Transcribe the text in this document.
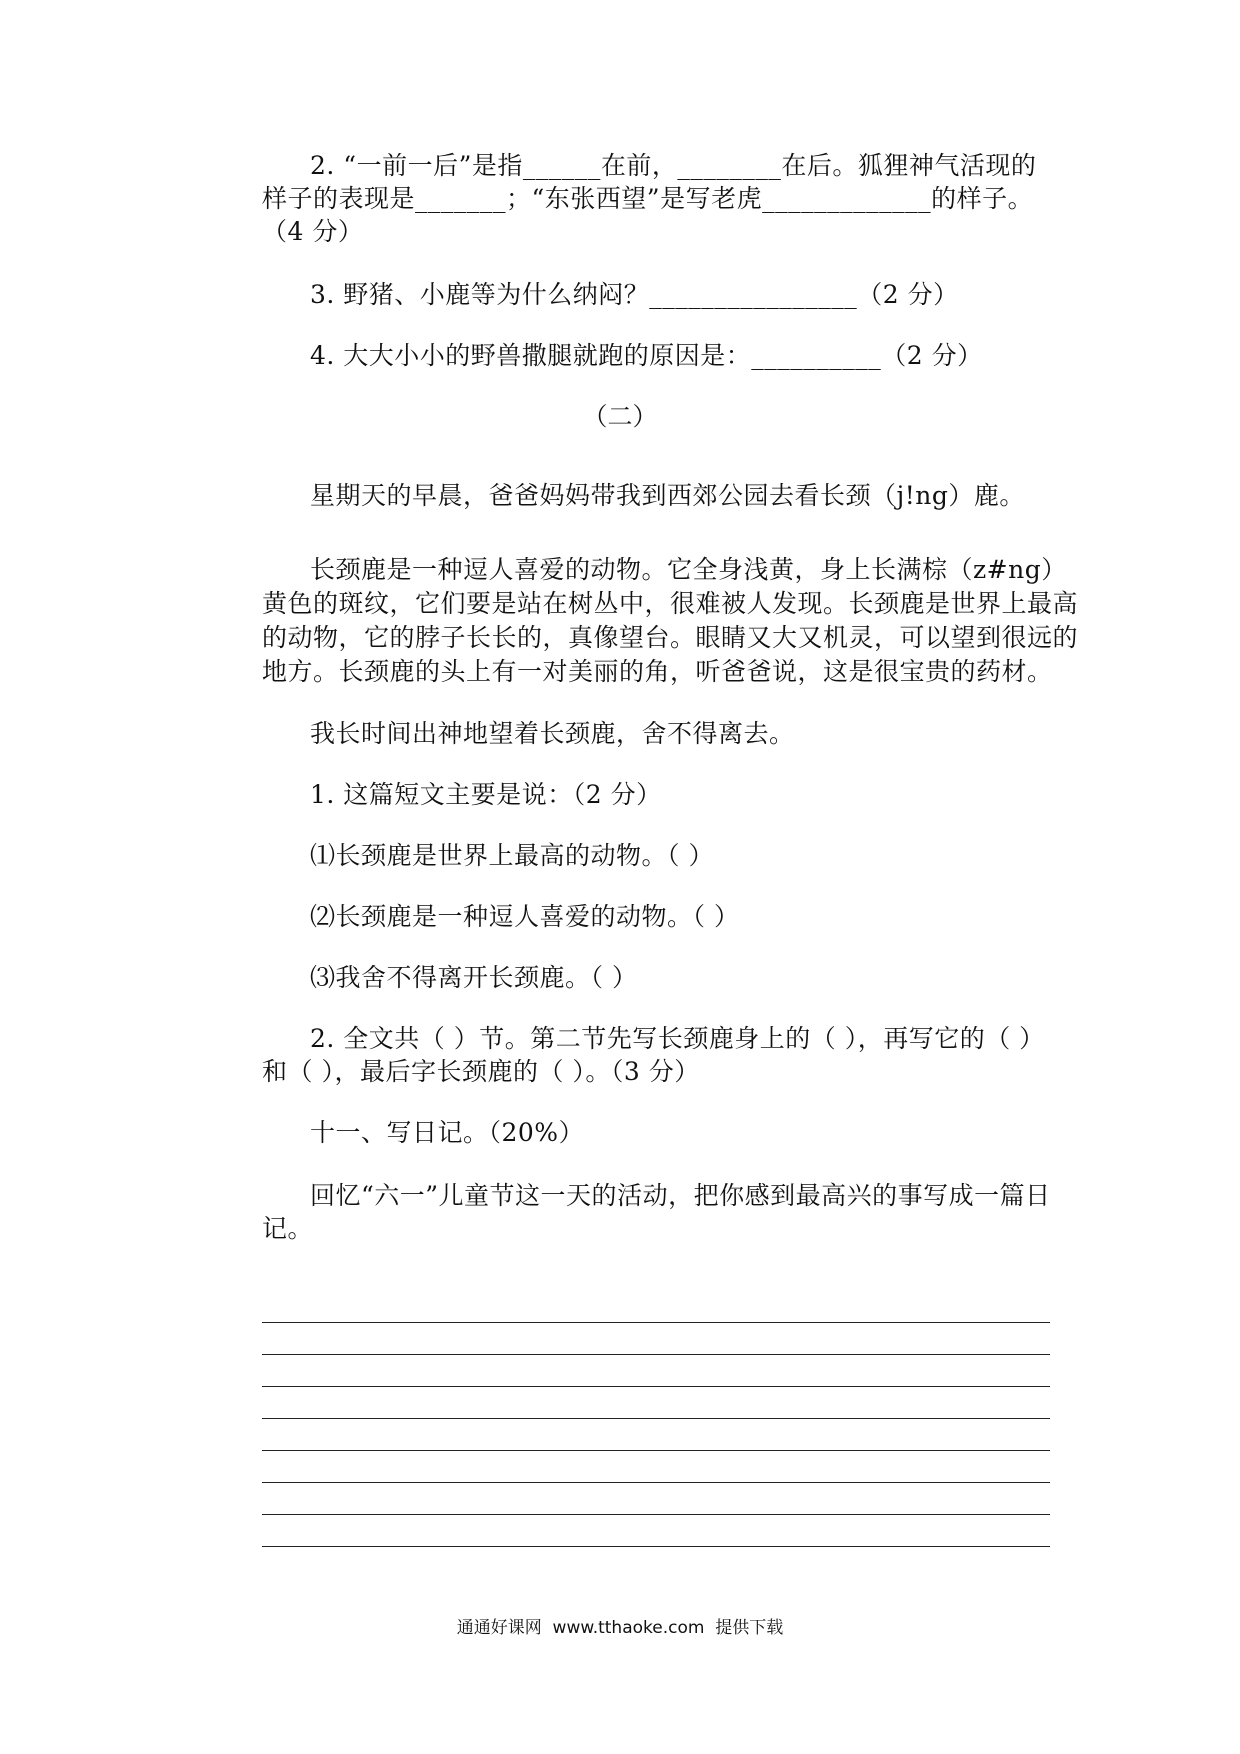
2. “一前一后”是指______在前，________在后。狐狸神气活现的
样子的表现是_______；“东张西望”是写老虎_____________的样子。
（4 分）
3. 野猪、小鹿等为什么纳闷？________________（2 分）
4. 大大小小的野兽撒腿就跑的原因是：__________（2 分）
（二）
星期天的早晨，爸爸妈妈带我到西郊公园去看长颈（j!ng）鹿。
长颈鹿是一种逗人喜爱的动物。它全身浅黄，身上长满棕（z#ng）
黄色的斑纹，它们要是站在树丛中，很难被人发现。长颈鹿是世界上最高
的动物，它的脖子长长的，真像望台。眼睛又大又机灵，可以望到很远的
地方。长颈鹿的头上有一对美丽的角，听爸爸说，这是很宝贵的药材。
我长时间出神地望着长颈鹿，舍不得离去。
1. 这篇短文主要是说：（2 分）
⑴长颈鹿是世界上最高的动物。（ ）
⑵长颈鹿是一种逗人喜爱的动物。（ ）
⑶我舍不得离开长颈鹿。（ ）
2. 全文共（ ）节。第二节先写长颈鹿身上的（ ），再写它的（ ）
和（ ），最后字长颈鹿的（ ）。（3 分）
十一、写日记。（20%）
回忆“六一”儿童节这一天的活动，把你感到最高兴的事写成一篇日
记。
通通好课网  www.tthaoke.com  提供下载
